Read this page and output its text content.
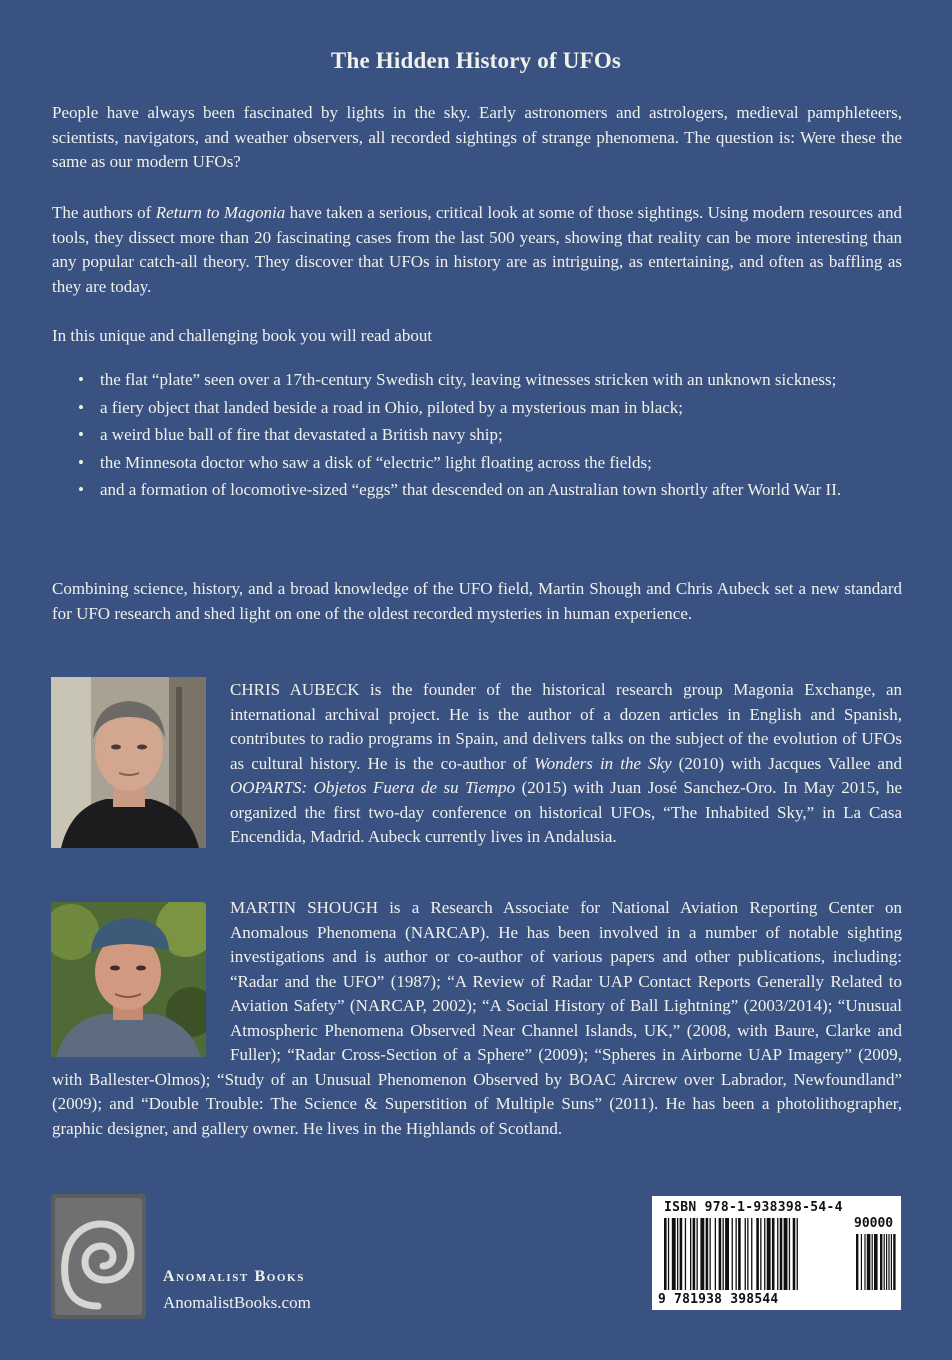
The Hidden History of UFOs

People have always been fascinated by lights in the sky. Early astronomers and astrologers, medieval pamphleteers, scientists, navigators, and weather observers, all recorded sightings of strange phenomena. The question is: Were these the same as our modern UFOs?

The authors of Return to Magonia have taken a serious, critical look at some of those sightings. Using modern resources and tools, they dissect more than 20 fascinating cases from the last 500 years, showing that reality can be more interesting than any popular catch-all theory. They discover that UFOs in history are as intriguing, as entertaining, and often as baffling as they are today.

In this unique and challenging book you will read about

• the flat “plate” seen over a 17th-century Swedish city, leaving witnesses stricken with an unknown sickness;
• a fiery object that landed beside a road in Ohio, piloted by a mysterious man in black;
• a weird blue ball of fire that devastated a British navy ship;
• the Minnesota doctor who saw a disk of “electric” light floating across the fields;
• and a formation of locomotive-sized “eggs” that descended on an Australian town shortly after World War II.

Combining science, history, and a broad knowledge of the UFO field, Martin Shough and Chris Aubeck set a new standard for UFO research and shed light on one of the oldest recorded mysteries in human experience.

CHRIS AUBECK is the founder of the historical research group Magonia Exchange, an international archival project. He is the author of a dozen articles in English and Spanish, contributes to radio programs in Spain, and delivers talks on the subject of the evolution of UFOs as cultural history. He is the co-author of Wonders in the Sky (2010) with Jacques Vallee and OOPARTS: Objetos Fuera de su Tiempo (2015) with Juan José Sanchez-Oro. In May 2015, he organized the first two-day conference on historical UFOs, “The Inhabited Sky,” in La Casa Encendida, Madrid. Aubeck currently lives in Andalusia.

MARTIN SHOUGH is a Research Associate for National Aviation Reporting Center on Anomalous Phenomena (NARCAP). He has been involved in a number of notable sighting investigations and is author or co-author of various papers and other publications, including: “Radar and the UFO” (1987); “A Review of Radar UAP Contact Reports Generally Related to Aviation Safety” (NARCAP, 2002); “A Social History of Ball Lightning” (2003/2014); “Unusual Atmospheric Phenomena Observed Near Channel Islands, UK,” (2008, with Baure, Clarke and Fuller); “Radar Cross-Section of a Sphere” (2009); “Spheres in Airborne UAP Imagery” (2009, with Ballester-Olmos); “Study of an Unusual Phenomenon Observed by BOAC Aircrew over Labrador, Newfoundland” (2009); and “Double Trouble: The Science & Superstition of Multiple Suns” (2011). He has been a photolithographer, graphic designer, and gallery owner. He lives in the Highlands of Scotland.

Anomalist Books
AnomalistBooks.com
ISBN 978-1-938398-54-4
90000
9 781938 398544
